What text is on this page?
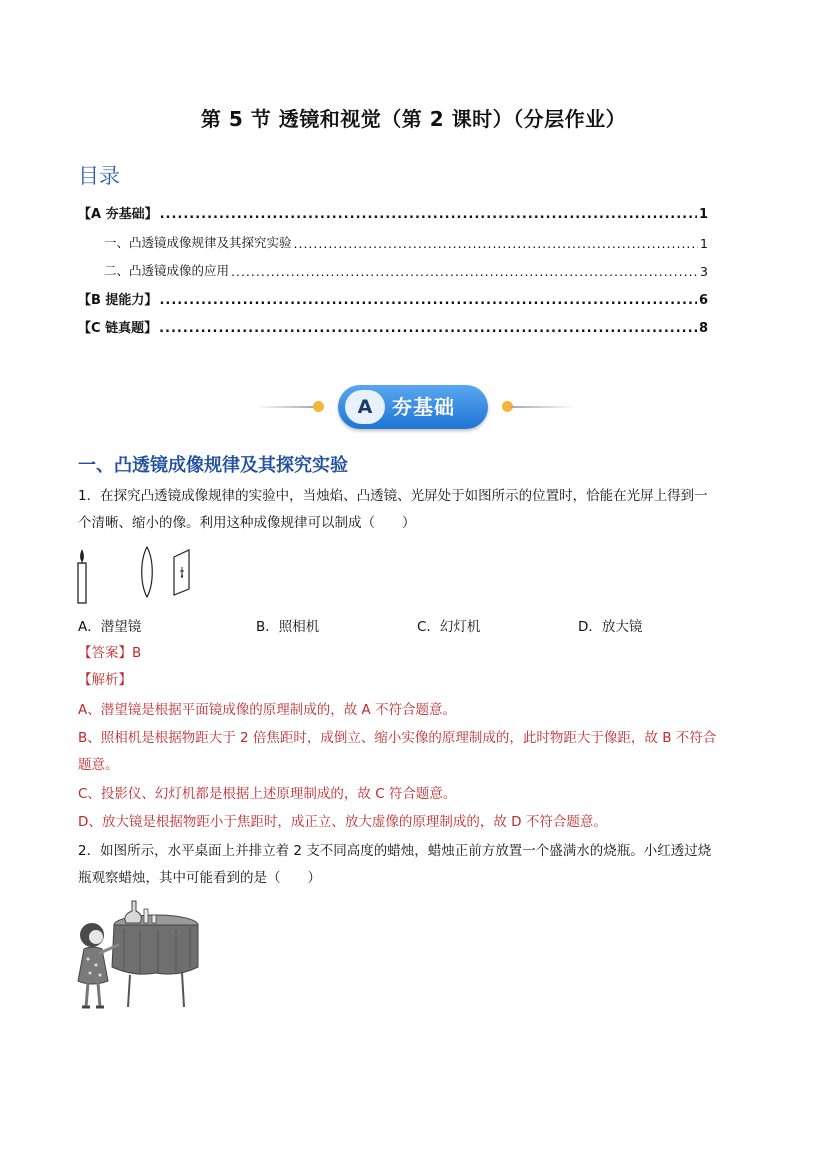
第 5 节 透镜和视觉（第 2 课时）（分层作业）
目录
【A 夯基础】 .....	1
一、凸透镜成像规律及其探究实验 .....	1
二、凸透镜成像的应用 .....	3
【B 提能力】 .....	6
【C 链真题】 .....	8
A 夯基础
一、凸透镜成像规律及其探究实验
1．在探究凸透镜成像规律的实验中，当烛焰、凸透镜、光屏处于如图所示的位置时，恰能在光屏上得到一
个清晰、缩小的像。利用这种成像规律可以制成（　　）
A．潜望镜	B．照相机	C．幻灯机	D．放大镜
【答案】B
【解析】
A、潜望镜是根据平面镜成像的原理制成的，故 A 不符合题意。
B、照相机是根据物距大于 2 倍焦距时，成倒立、缩小实像的原理制成的，此时物距大于像距，故 B 不符合
题意。
C、投影仪、幻灯机都是根据上述原理制成的，故 C 符合题意。
D、放大镜是根据物距小于焦距时，成正立、放大虚像的原理制成的，故 D 不符合题意。
2．如图所示，水平桌面上并排立着 2 支不同高度的蜡烛，蜡烛正前方放置一个盛满水的烧瓶。小红透过烧
瓶观察蜡烛，其中可能看到的是（　　）
